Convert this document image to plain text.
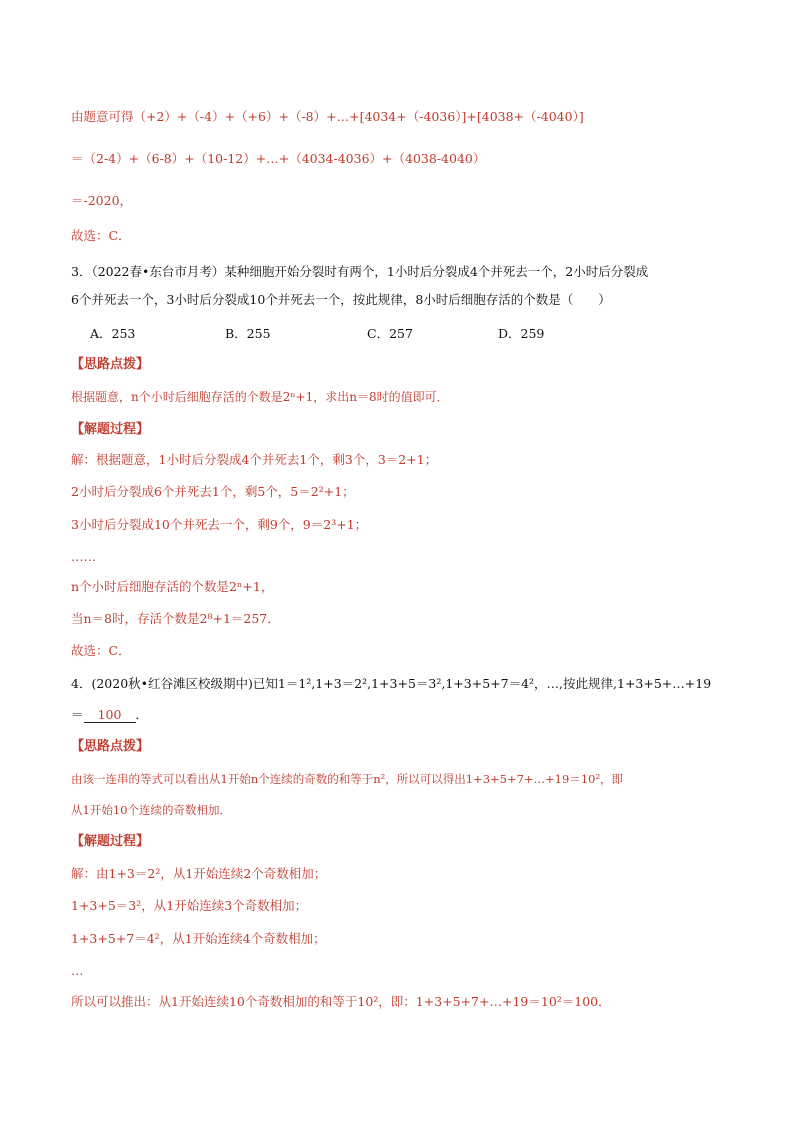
由题意可得（+2）+（-4）+（+6）+（-8）+…+[4034+（-4036）]+[4038+（-4040）]
＝（2-4）+（6-8）+（10-12）+…+（4034-4036）+（4038-4040）
＝-2020，
故选：C．
3．（2022春•东台市月考）某种细胞开始分裂时有两个，1小时后分裂成4个并死去一个，2小时后分裂成
6个并死去一个，3小时后分裂成10个并死去一个，按此规律，8小时后细胞存活的个数是（　　）
A．253	B．255	C．257	D．259
【思路点拨】
根据题意，n个小时后细胞存活的个数是2ⁿ+1，求出n＝8时的值即可．
【解题过程】
解：根据题意，1小时后分裂成4个并死去1个，剩3个，3＝2+1；
2小时后分裂成6个并死去1个，剩5个，5＝2²+1；
3小时后分裂成10个并死去一个，剩9个，9＝2³+1；
……
n个小时后细胞存活的个数是2ⁿ+1，
当n＝8时，存活个数是2⁸+1＝257．
故选：C．
4．(2020秋•红谷滩区校级期中)已知1＝1²,1+3＝2²,1+3+5＝3²,1+3+5+7＝4²，…,按此规律,1+3+5+…+19
＝ 100 ．
【思路点拨】
由该一连串的等式可以看出从1开始n个连续的奇数的和等于n²，所以可以得出1+3+5+7+…+19＝10²，即
从1开始10个连续的奇数相加．
【解题过程】
解：由1+3＝2²，从1开始连续2个奇数相加；
1+3+5＝3²，从1开始连续3个奇数相加；
1+3+5+7＝4²，从1开始连续4个奇数相加；
…
所以可以推出：从1开始连续10个奇数相加的和等于10²，即：1+3+5+7+…+19＝10²＝100．
